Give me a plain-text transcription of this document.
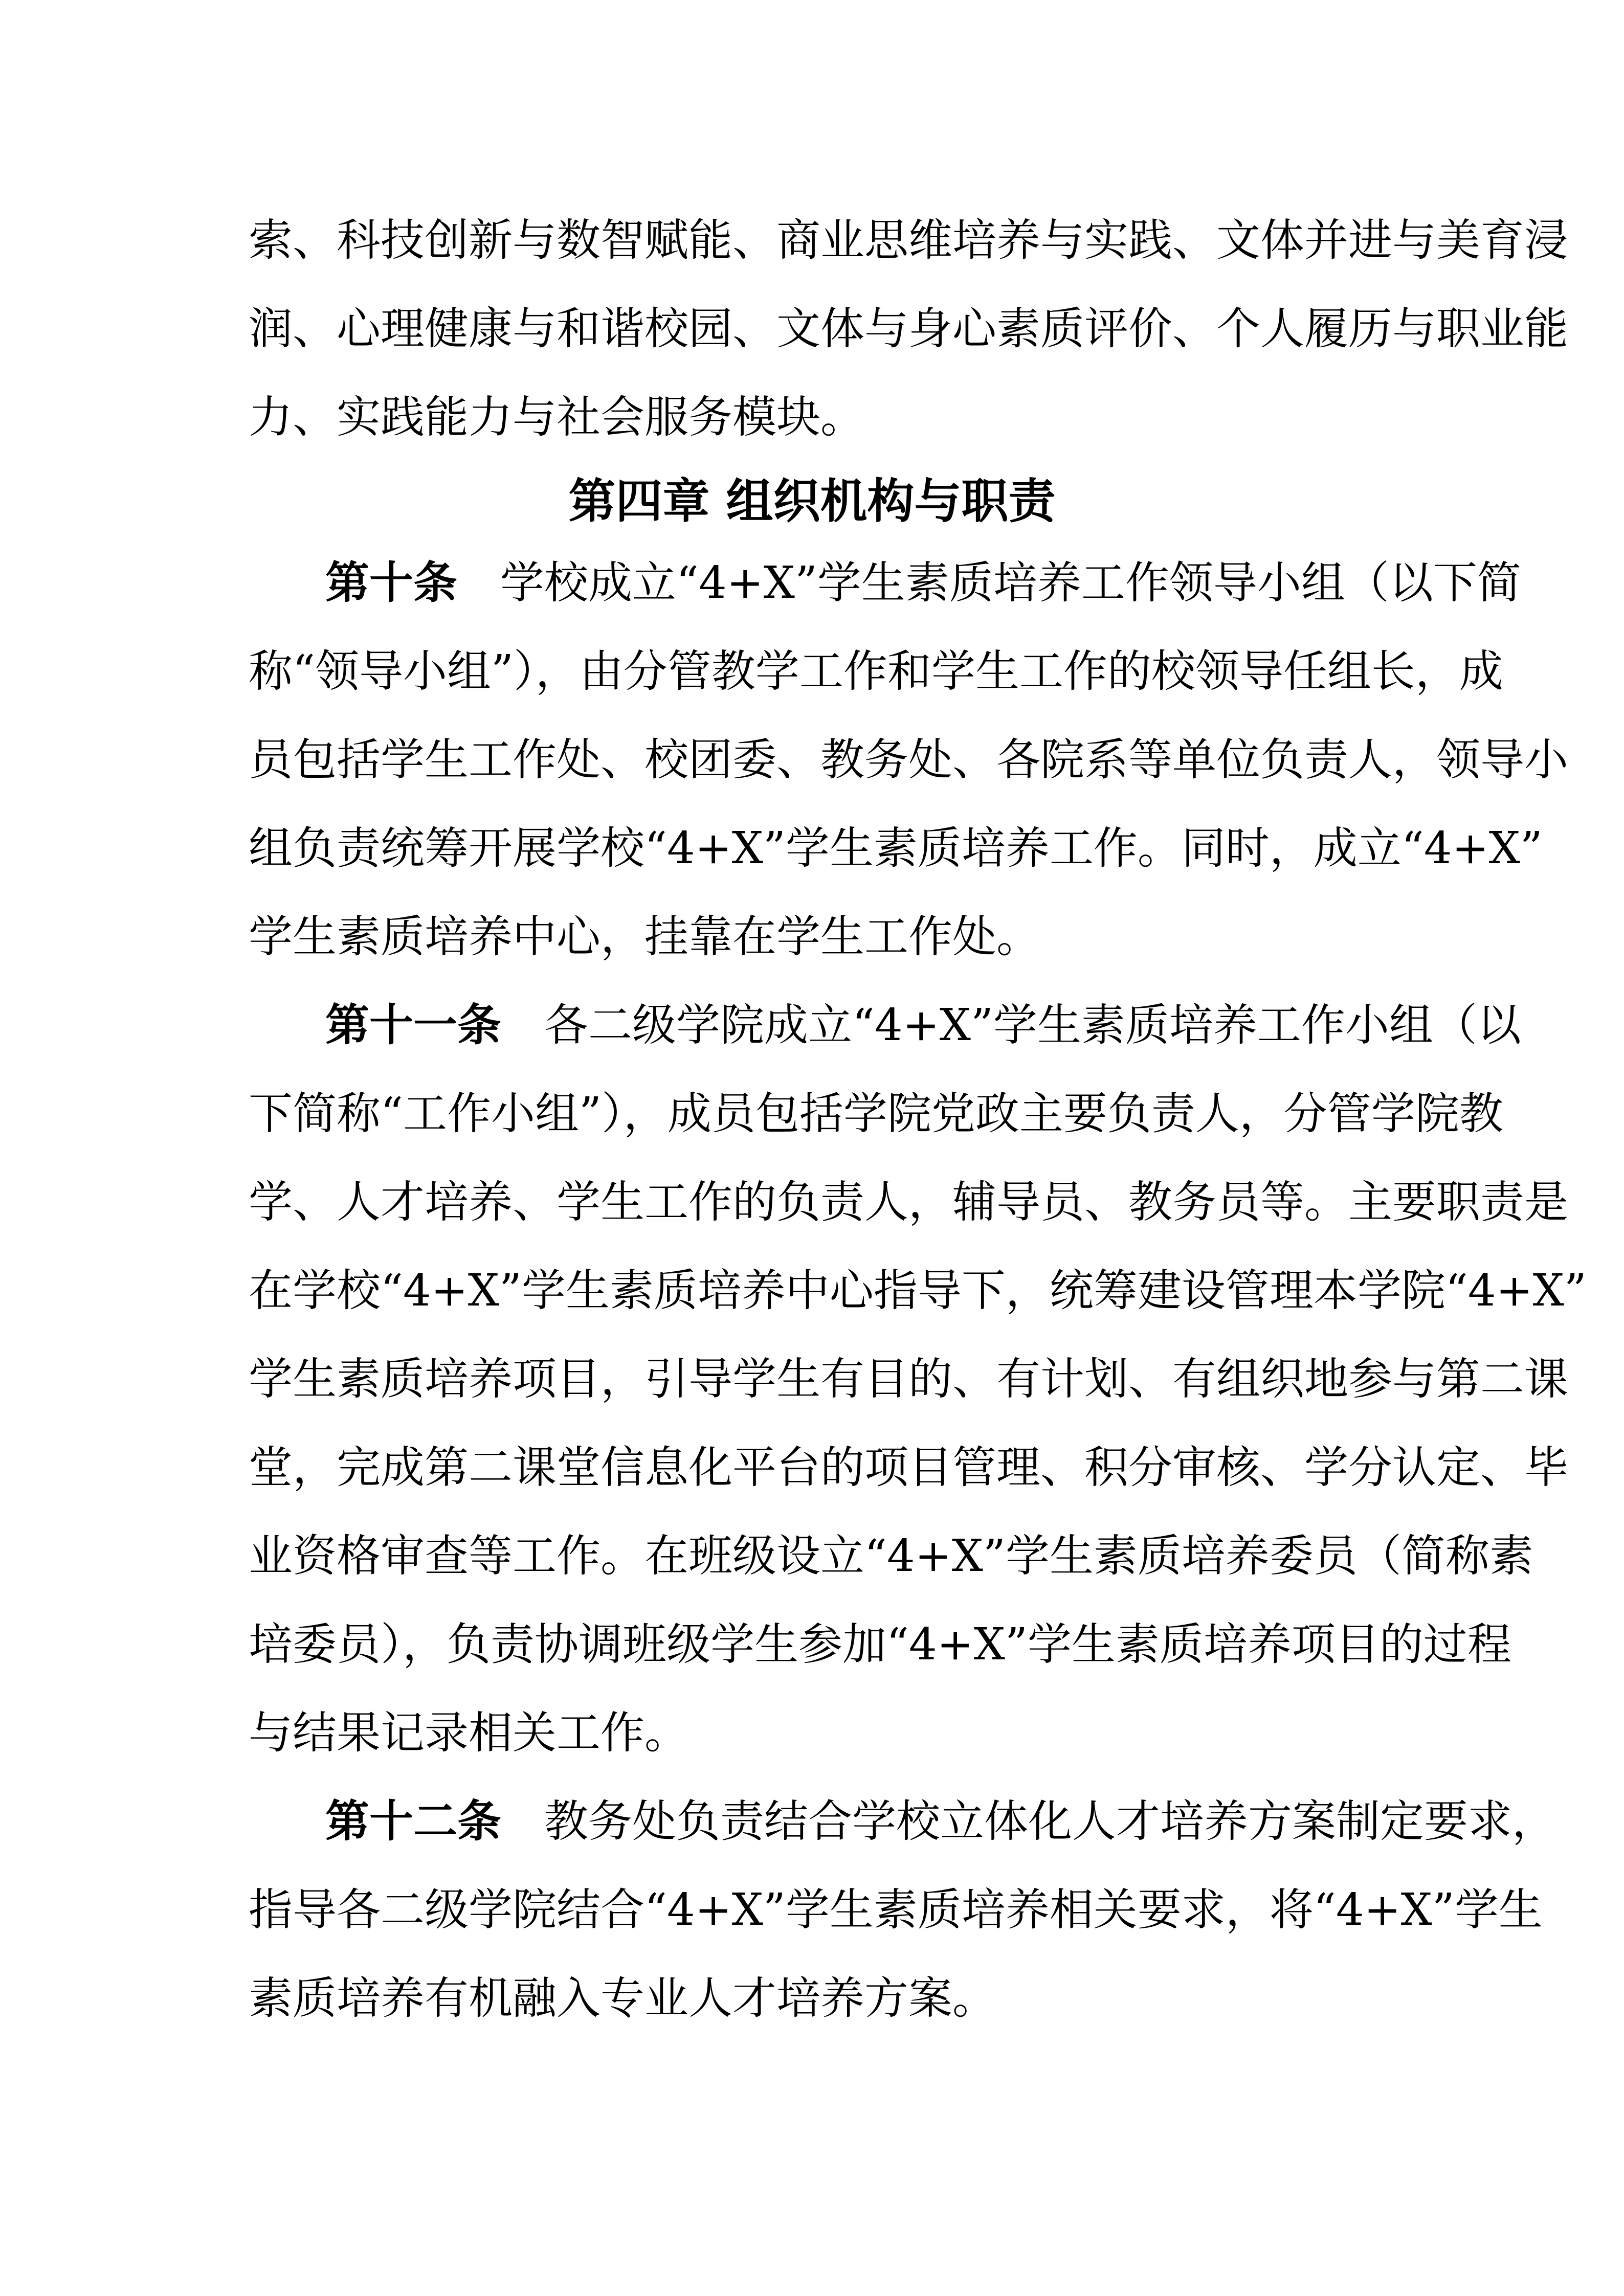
索、科技创新与数智赋能、商业思维培养与实践、文体并进与美育浸
润、心理健康与和谐校园、文体与身心素质评价、个人履历与职业能
力、实践能力与社会服务模块。
第四章 组织机构与职责
第十条 学校成立“4+X”学生素质培养工作领导小组（以下简
称“领导小组”），由分管教学工作和学生工作的校领导任组长，成
员包括学生工作处、校团委、教务处、各院系等单位负责人，领导小
组负责统筹开展学校“4+X”学生素质培养工作。同时，成立“4+X”
学生素质培养中心，挂靠在学生工作处。
第十一条 各二级学院成立“4+X”学生素质培养工作小组（以
下简称“工作小组”），成员包括学院党政主要负责人，分管学院教
学、人才培养、学生工作的负责人，辅导员、教务员等。主要职责是
在学校“4+X”学生素质培养中心指导下，统筹建设管理本学院“4+X”
学生素质培养项目，引导学生有目的、有计划、有组织地参与第二课
堂，完成第二课堂信息化平台的项目管理、积分审核、学分认定、毕
业资格审查等工作。在班级设立“4+X”学生素质培养委员（简称素
培委员），负责协调班级学生参加“4+X”学生素质培养项目的过程
与结果记录相关工作。
第十二条 教务处负责结合学校立体化人才培养方案制定要求，
指导各二级学院结合“4+X”学生素质培养相关要求，将“4+X”学生
素质培养有机融入专业人才培养方案。
